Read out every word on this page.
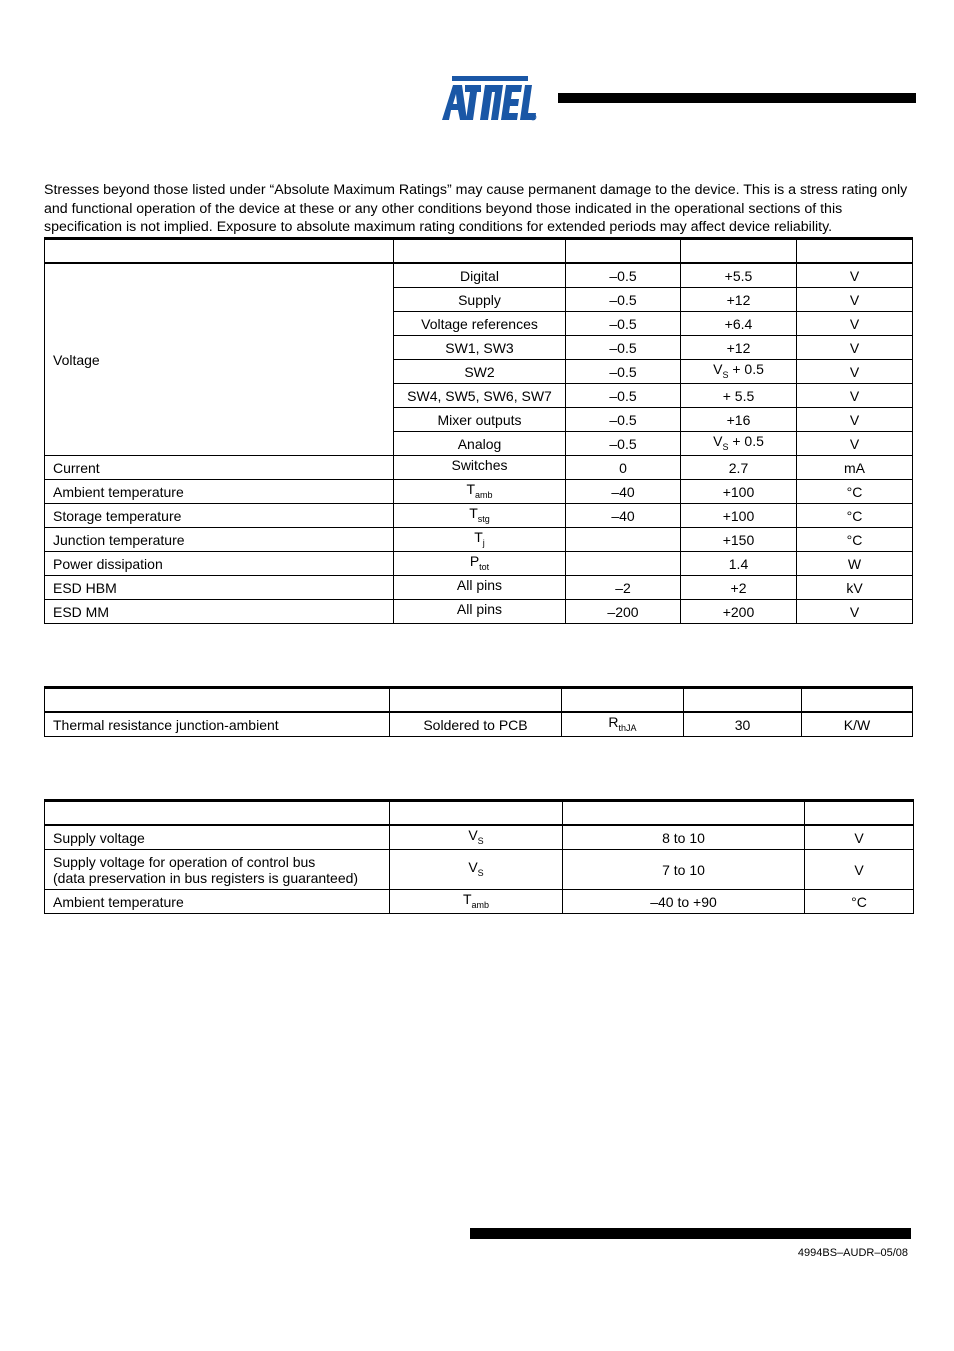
R

Stresses beyond those listed under “Absolute Maximum Ratings” may cause permanent damage to the device. This is a stress rating only and functional operation of the device at these or any other conditions beyond those indicated in the operational sections of this specification is not implied. Exposure to absolute maximum rating conditions for extended periods may affect device reliability.

Voltage	Digital	–0.5	+5.5	V
	Supply	–0.5	+12	V
	Voltage references	–0.5	+6.4	V
	SW1, SW3	–0.5	+12	V
	SW2	–0.5	$V_S + 0.5$	V
	SW4, SW5, SW6, SW7	–0.5	+ 5.5	V
	Mixer outputs	–0.5	+16	V
	Analog	–0.5	$V_S + 0.5$	V
Current	Switches	0	2.7	mA
Ambient temperature	$T_{amb}$	–40	+100	°C
Storage temperature	$T_{stg}$	–40	+100	°C
Junction temperature	$T_j$		+150	°C
Power dissipation	$P_{tot}$		1.4	W
ESD HBM	All pins	–2	+2	kV
ESD MM	All pins	–200	+200	V

Thermal resistance junction-ambient	Soldered to PCB	$R_{thJA}$	30	K/W

Supply voltage	$V_S$	8 to 10	V

Supply voltage for operation of control bus
(data preservation in bus registers is guaranteed)	$V_S$	7 to 10	V
Ambient temperature	$T_{amb}$	–40 to +90	°C
4994BS–AUDR–05/08
